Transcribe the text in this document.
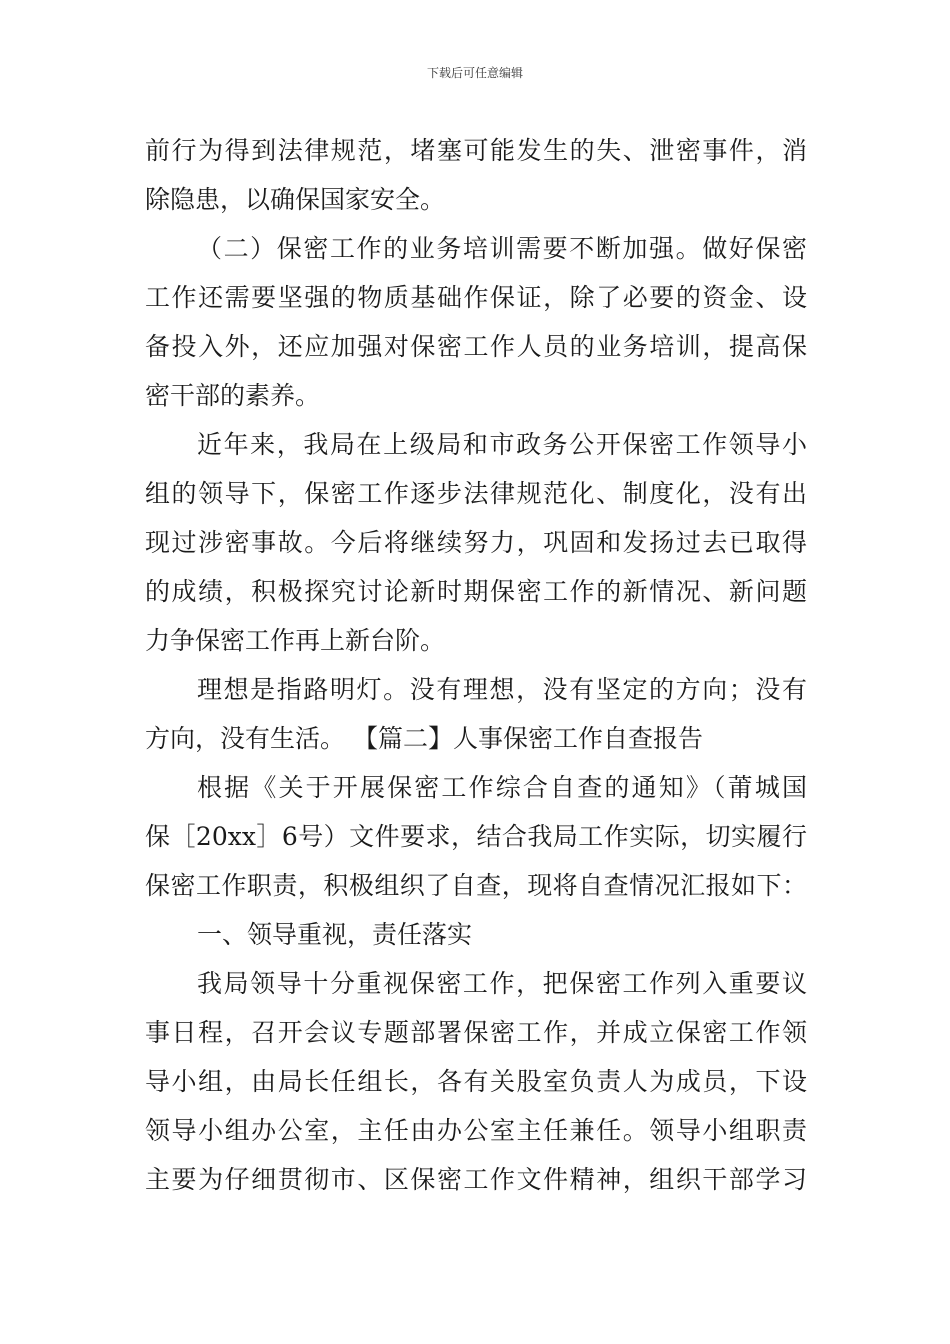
下载后可任意编辑
前行为得到法律规范，堵塞可能发生的失、泄密事件，消
除隐患，以确保国家安全。
（二）保密工作的业务培训需要不断加强。做好保密
工作还需要坚强的物质基础作保证，除了必要的资金、设
备投入外，还应加强对保密工作人员的业务培训，提高保
密干部的素养。
近年来，我局在上级局和市政务公开保密工作领导小
组的领导下，保密工作逐步法律规范化、制度化，没有出
现过涉密事故。今后将继续努力，巩固和发扬过去已取得
的成绩，积极探究讨论新时期保密工作的新情况、新问题
力争保密工作再上新台阶。
理想是指路明灯。没有理想，没有坚定的方向；没有
方向，没有生活。 【篇二】人事保密工作自查报告
根据《关于开展保密工作综合自查的通知》（莆城国
保［20xx］6号）文件要求，结合我局工作实际，切实履行
保密工作职责，积极组织了自查，现将自查情况汇报如下：
一、领导重视，责任落实
我局领导十分重视保密工作，把保密工作列入重要议
事日程，召开会议专题部署保密工作，并成立保密工作领
导小组，由局长任组长，各有关股室负责人为成员，下设
领导小组办公室，主任由办公室主任兼任。领导小组职责
主要为仔细贯彻市、区保密工作文件精神，组织干部学习
